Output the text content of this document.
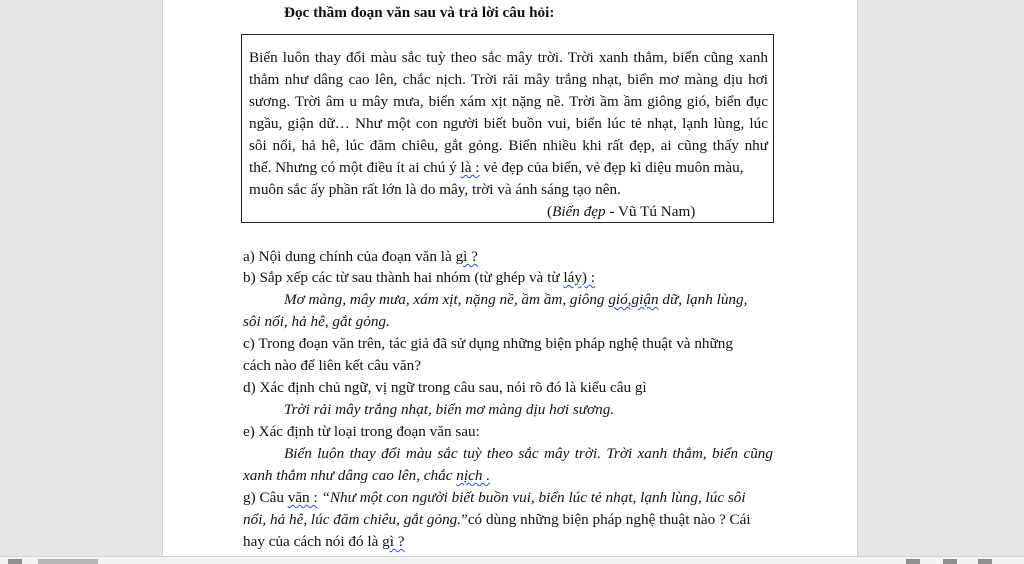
Đọc thầm đoạn văn sau và trả lời câu hỏi:
Biển luôn thay đổi màu sắc tuỳ theo sắc mây trời. Trời xanh thẳm, biển cũng xanh
thẳm như dâng cao lên, chắc nịch. Trời rải mây trắng nhạt, biển mơ màng dịu hơi
sương. Trời âm u mây mưa, biển xám xịt nặng nề. Trời ầm ầm giông gió, biển đục
ngầu, giận dữ… Như một con người biết buồn vui, biển lúc tẻ nhạt, lạnh lùng, lúc
sôi nổi, hả hê, lúc đăm chiêu, gắt gỏng. Biển nhiều khi rất đẹp, ai cũng thấy như
thế. Nhưng có một điều ít ai chú ý là : vẻ đẹp của biển, vẻ đẹp kì diệu muôn màu,
muôn sắc ấy phần rất lớn là do mây, trời và ánh sáng tạo nên.
(Biển đẹp - Vũ Tú Nam)
a) Nội dung chính của đoạn văn là gì ?
b) Sắp xếp các từ sau thành hai nhóm (từ ghép và từ láy) :
Mơ màng, mây mưa, xám xịt, nặng nề, ầm ầm, giông gió,giận dữ, lạnh lùng,
sôi nổi, hả hê, gắt gỏng.
c) Trong đoạn văn trên, tác giả đã sử dụng những biện pháp nghệ thuật và những
cách nào để liên kết câu văn?
d) Xác định chủ ngữ, vị ngữ trong câu sau, nói rõ đó là kiểu câu gì
Trời rải mây trắng nhạt, biển mơ màng dịu hơi sương.
e) Xác định từ loại trong đoạn văn sau:
Biển luôn thay đổi màu sắc tuỳ theo sắc mây trời. Trời xanh thẳm, biển cũng
xanh thẳm như dâng cao lên, chắc nịch .
g) Câu văn : “Như một con người biết buồn vui, biển lúc tẻ nhạt, lạnh lùng, lúc sôi
nổi, hả hê, lúc đăm chiêu, gắt gỏng.”có dùng những biện pháp nghệ thuật nào ? Cái
hay của cách nói đó là gì ?
